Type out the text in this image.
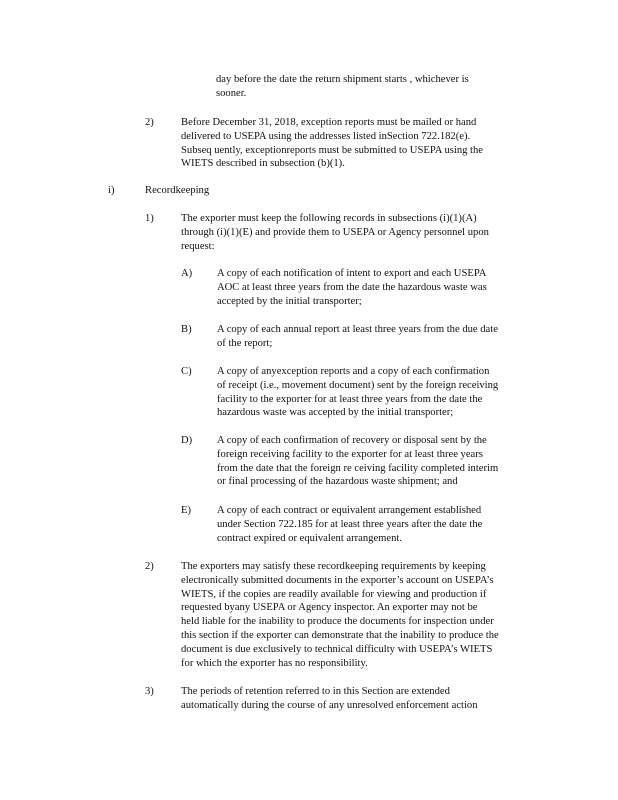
day before the date the return shipment starts , whichever is
sooner.
2)	Before December 31, 2018, exception reports must be mailed or hand
delivered to USEPA using the addresses listed inSection 722.182(e).
Subseq uently, exceptionreports must be submitted to USEPA using the
WIETS described in subsection (b)(1).
i)	Recordkeeping
1)	The exporter must keep the following records in subsections (i)(1)(A)
through (i)(1)(E) and provide them to USEPA or Agency personnel upon
request:
A) A copy of each notification of intent to export and each USEPA
AOC at least three years from the date the hazardous waste was
accepted by the initial transporter;
B) A copy of each annual report at least three years from the due date
of the report;
C) A copy of anyexception reports and a copy of each confirmation
of receipt (i.e., movement document) sent by the foreign receiving
facility to the exporter for at least three years from the date the
hazardous waste was accepted by the initial transporter;
D) A copy of each confirmation of recovery or disposal sent by the
foreign receiving facility to the exporter for at least three years
from the date that the foreign re ceiving facility completed interim
or final processing of the hazardous waste shipment; and
E) A copy of each contract or equivalent arrangement established
under Section 722.185 for at least three years after the date the
contract expired or equivalent arrangement.
2)	The exporters may satisfy these recordkeeping requirements by keeping
electronically submitted documents in the exporter’s account on USEPA’s
WIETS, if the copies are readily available for viewing and production if
requested byany USEPA or Agency inspector. An exporter may not be
held liable for the inability to produce the documents for inspection under
this section if the exporter can demonstrate that the inability to produce the
document is due exclusively to technical difficulty with USEPA’s WIETS
for which the exporter has no responsibility.
3)	The periods of retention referred to in this Section are extended
automatically during the course of any unresolved enforcement action
